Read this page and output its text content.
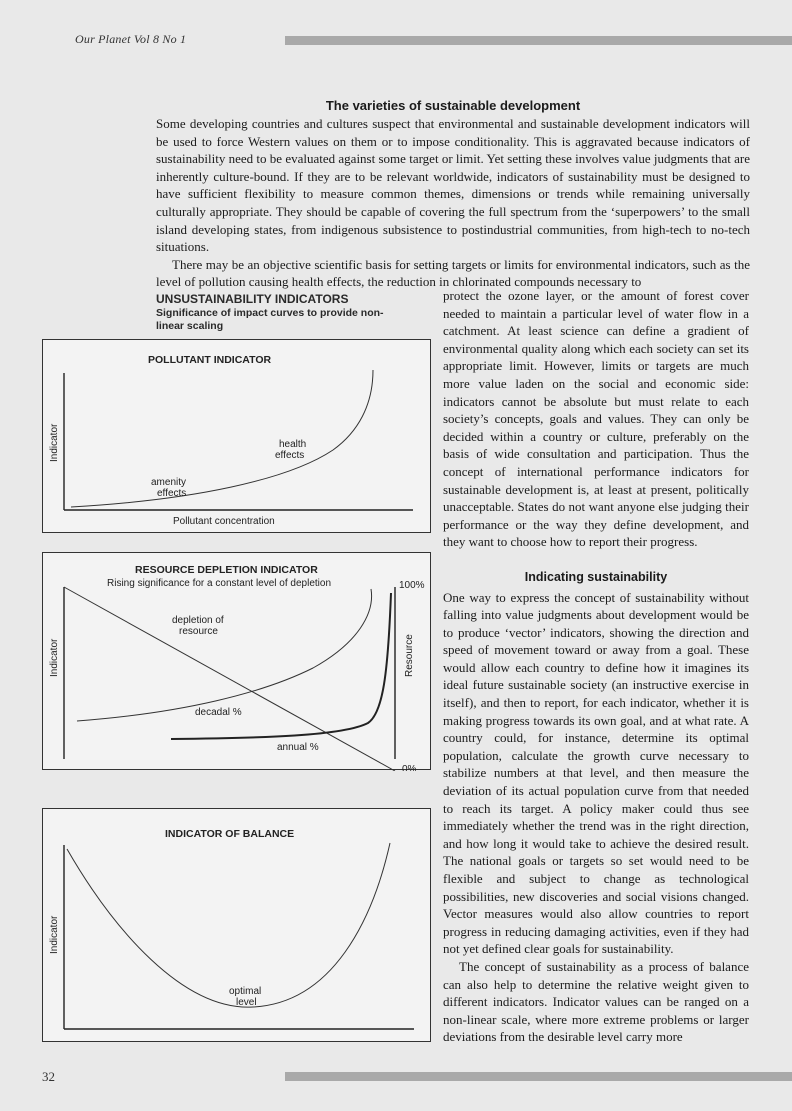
Our Planet Vol 8 No 1
The varieties of sustainable development

Some developing countries and cultures suspect that environmental and sustainable development indicators will be used to force Western values on them or to impose conditionality. This is aggravated because indicators of sustainability need to be evaluated against some target or limit. Yet setting these involves value judgments that are inherently culture-bound. If they are to be relevant worldwide, indicators of sustainability must be designed to have sufficient flexibility to measure common themes, dimensions or trends while remaining universally culturally appropriate. They should be capable of covering the full spectrum from the ‘superpowers’ to the small island developing states, from indigenous subsistence to postindustrial communities, from high-tech to no-tech situations.

There may be an objective scientific basis for setting targets or limits for environmental indicators, such as the level of pollution causing health effects, the reduction in chlorinated compounds necessary to

UNSUSTAINABILITY INDICATORS
Significance of impact curves to provide non-linear scaling
POLLUTANT INDICATOR
Indicator
Pollutant concentration
amenity
effects
health
effects
RESOURCE DEPLETION INDICATOR
Rising significance for a constant level of depletion
Indicator	Resource
100%
0%
depletion of
resource
decadal %
annual %
INDICATOR OF BALANCE
Indicator
optimal
level

protect the ozone layer, or the amount of forest cover needed to maintain a particular level of water flow in a catchment. At least science can define a gradient of environmental quality along which each society can set its appropriate limit. However, limits or targets are much more value laden on the social and economic side: indicators cannot be absolute but must relate to each society’s concepts, goals and values. They can only be decided within a country or culture, preferably on the basis of wide consultation and participation. Thus the concept of international performance indicators for sustainable development is, at least at present, politically unacceptable. States do not want anyone else judging their performance or the way they define development, and they want to choose how to report their progress.

Indicating sustainability

One way to express the concept of sustainability without falling into value judgments about development would be to produce ‘vector’ indicators, showing the direction and speed of movement toward or away from a goal. These would allow each country to define how it imagines its ideal future sustainable society (an instructive exercise in itself), and then to report, for each indicator, whether it is making progress towards its own goal, and at what rate. A country could, for instance, determine its optimal population, calculate the growth curve necessary to stabilize numbers at that level, and then measure the deviation of its actual population curve from that needed to reach its target. A policy maker could thus see immediately whether the trend was in the right direction, and how long it would take to achieve the desired result. The national goals or targets so set would need to be flexible and subject to change as technological possibilities, new discoveries and social visions changed. Vector measures would also allow countries to report progress in reducing damaging activities, even if they had not yet defined clear goals for sustainability.

The concept of sustainability as a process of balance can also help to determine the relative weight given to different indicators. Indicator values can be ranged on a non-linear scale, where more extreme problems or larger deviations from the desirable level carry more

32
